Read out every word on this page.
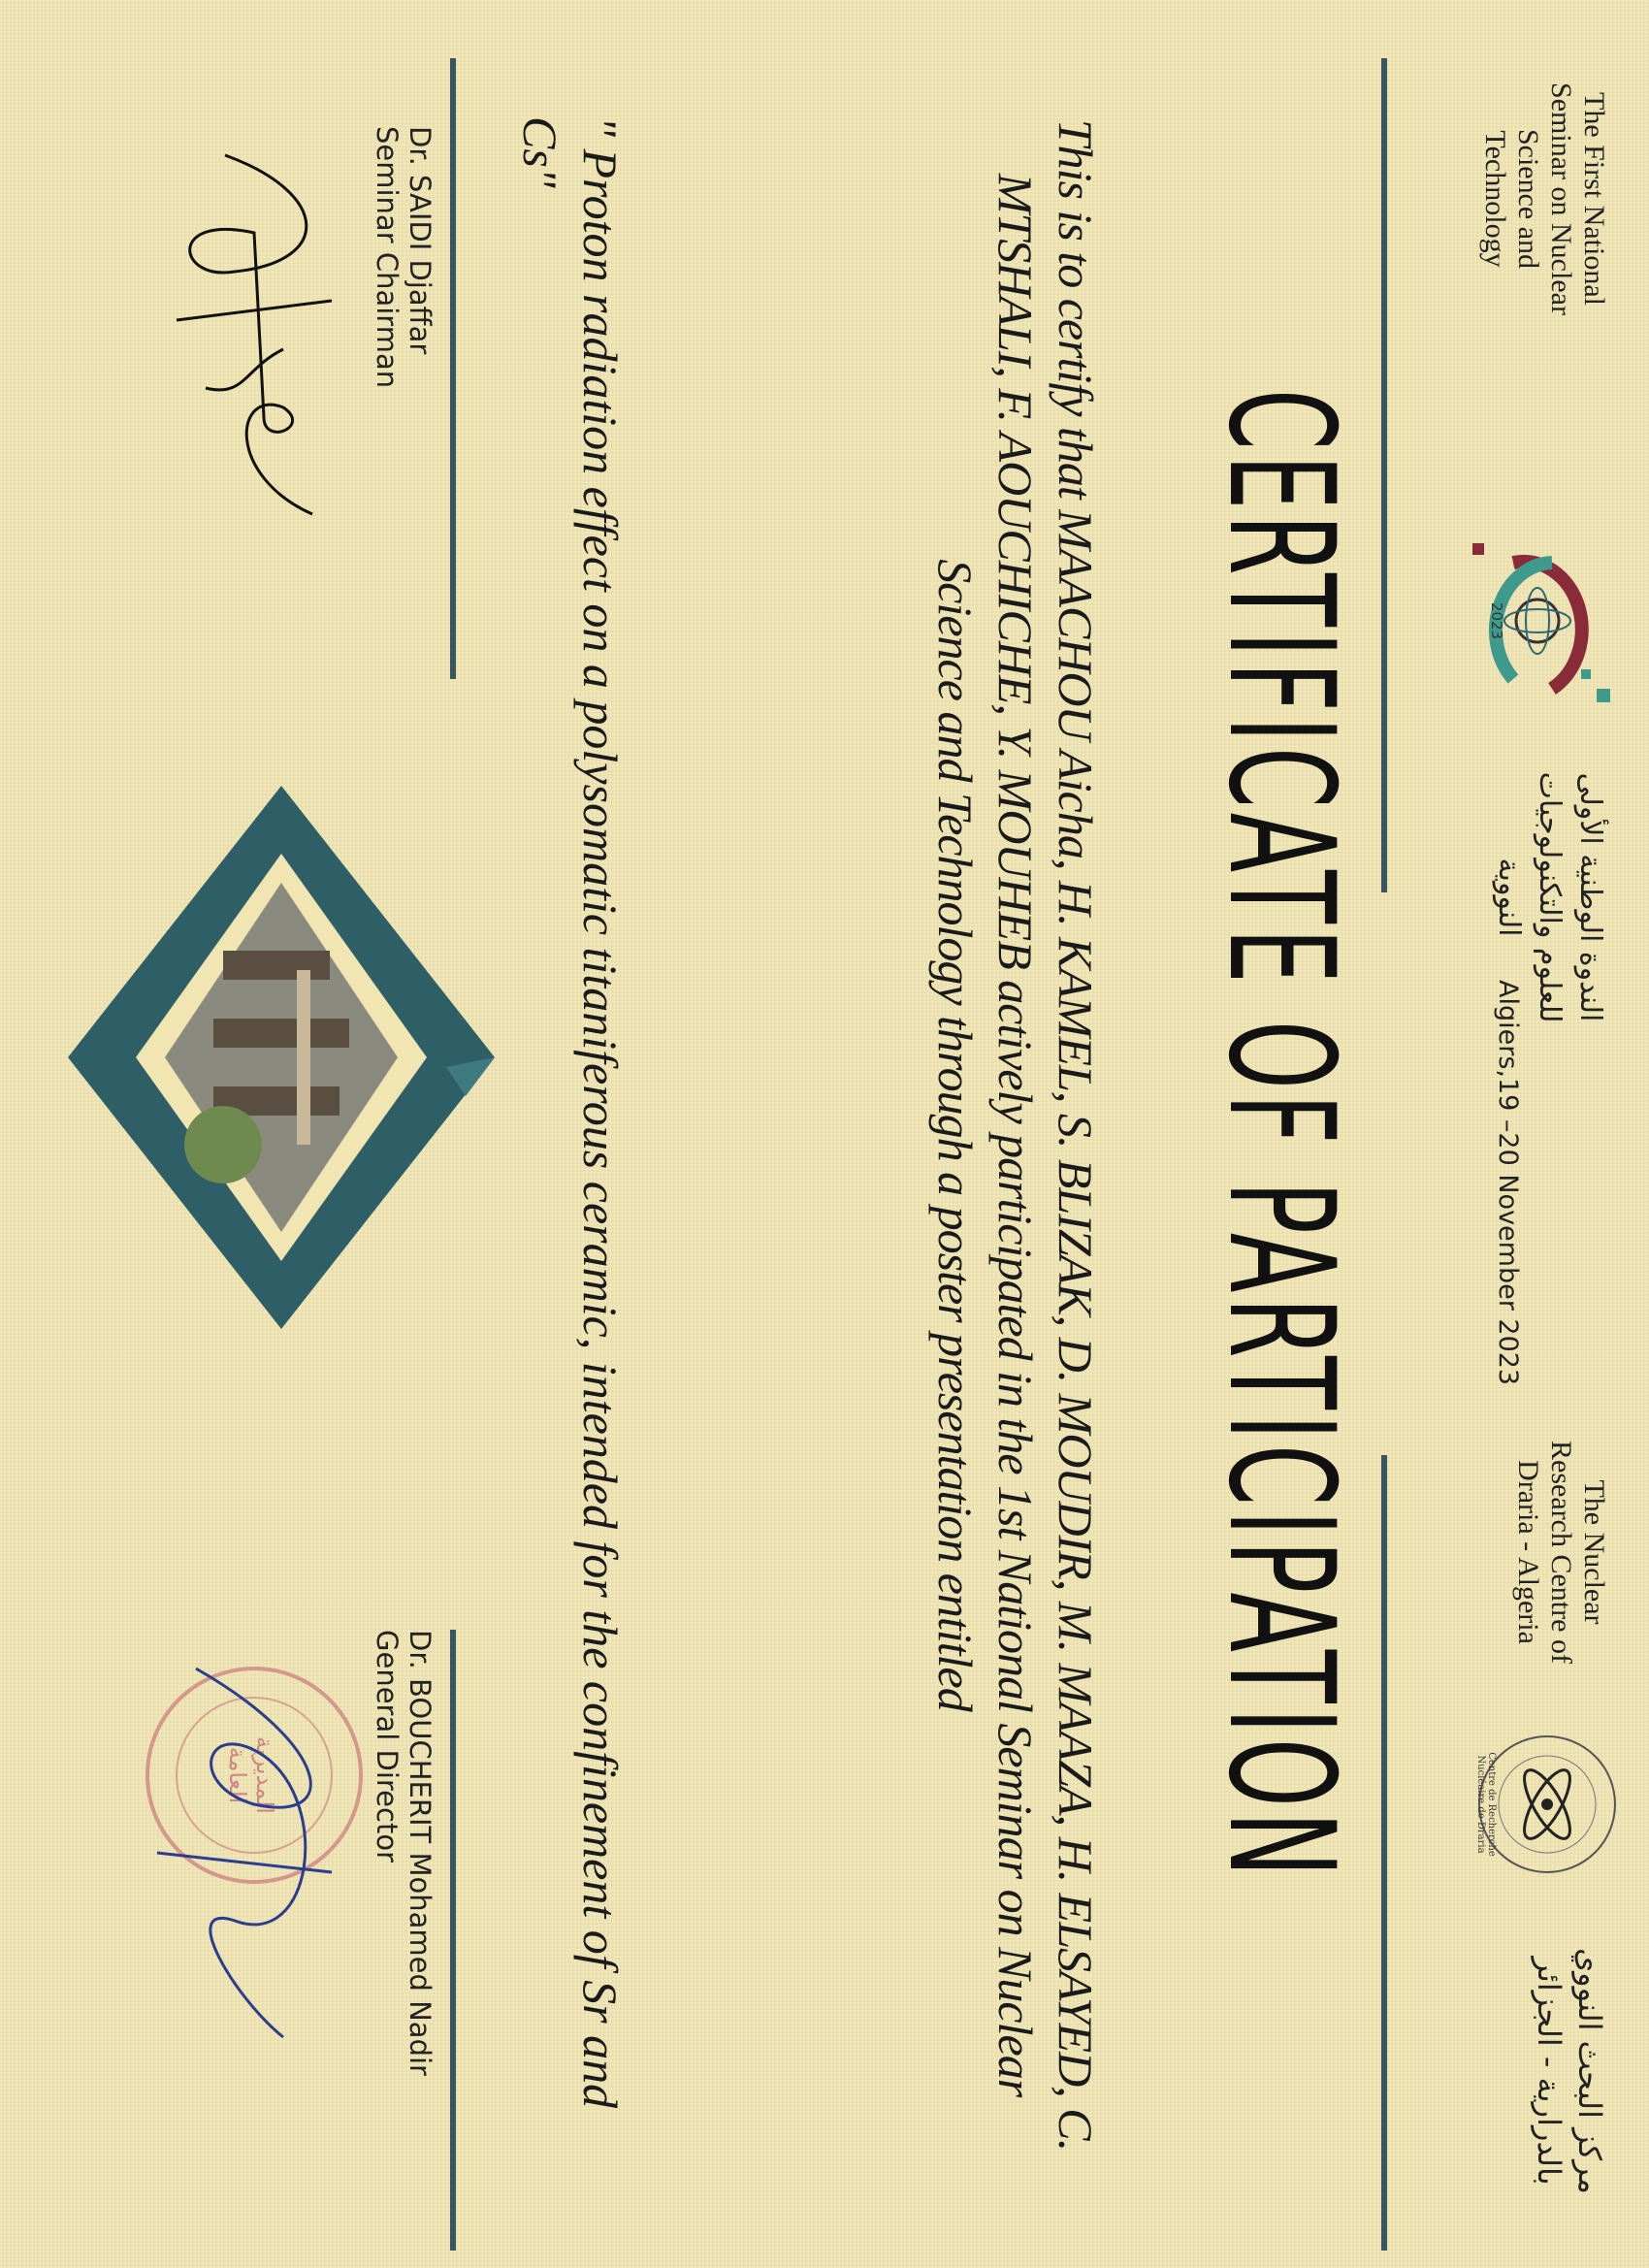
The First National Seminar on Nuclear Science and Technology
2023
الندوة الوطنية الأولى للعلوم والتكنولوجيات النووية
Algiers,19 –20 November 2023
The Nuclear Research Centre of Draria - Algeria
Centre de Recherche Nucléaire de Draria
مركز البحث النووي بالدرارية - الجزائر
CERTIFICATE OF PARTICIPATION
This is to certify that MAACHOU Aicha, H. KAMEL, S. BLIZAK, D. MOUDIR, M. MAAZA, H. ELSAYED, C. MTSHALI, F. AOUCHICHE, Y. MOUHEB actively participated in the 1st National Seminar on Nuclear Science and Technology through a poster presentation entitled
" Proton radiation effect on a polysomatic titaniferous ceramic, intended for the confinement of Sr and Cs"
Dr. SAIDI Djaffar
Seminar Chairman
Dr. BOUCHERIT Mohamed Nadir
General Director
المديرية العامة
